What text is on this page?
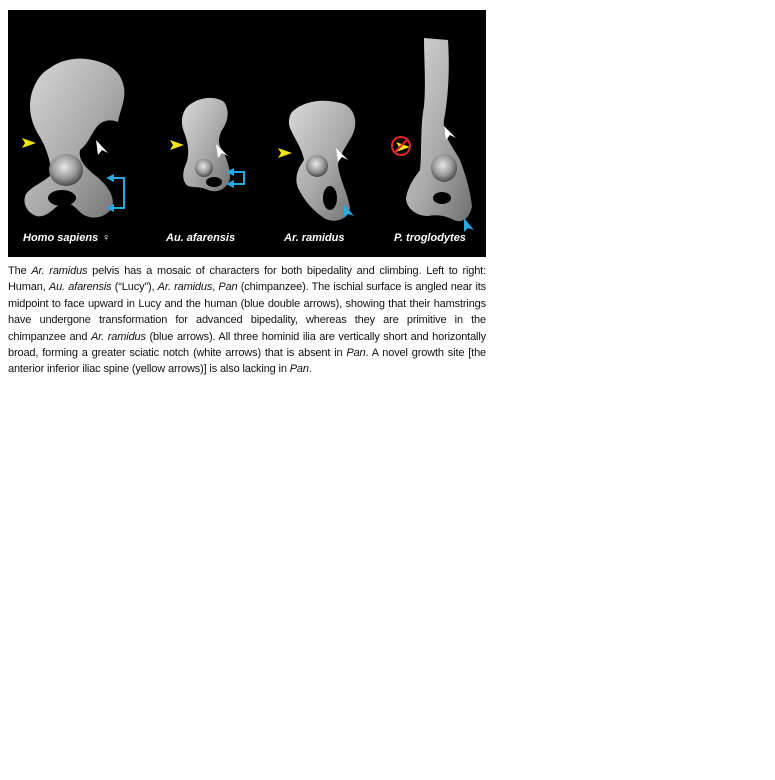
Homo sapiens ♀	Au. afarensis	Ar. ramidus	P. troglodytes
The Ar. ramidus pelvis has a mosaic of characters for both bipedality and climbing. Left to right: Human, Au. afarensis (“Lucy”), Ar. ramidus, Pan (chimpanzee). The ischial surface is angled near its midpoint to face upward in Lucy and the human (blue double arrows), showing that their hamstrings have undergone transformation for advanced bipedality, whereas they are primitive in the chimpanzee and Ar. ramidus (blue arrows). All three hominid ilia are vertically short and horizontally broad, forming a greater sciatic notch (white arrows) that is absent in Pan. A novel growth site [the anterior inferior iliac spine (yellow arrows)] is also lacking in Pan.
